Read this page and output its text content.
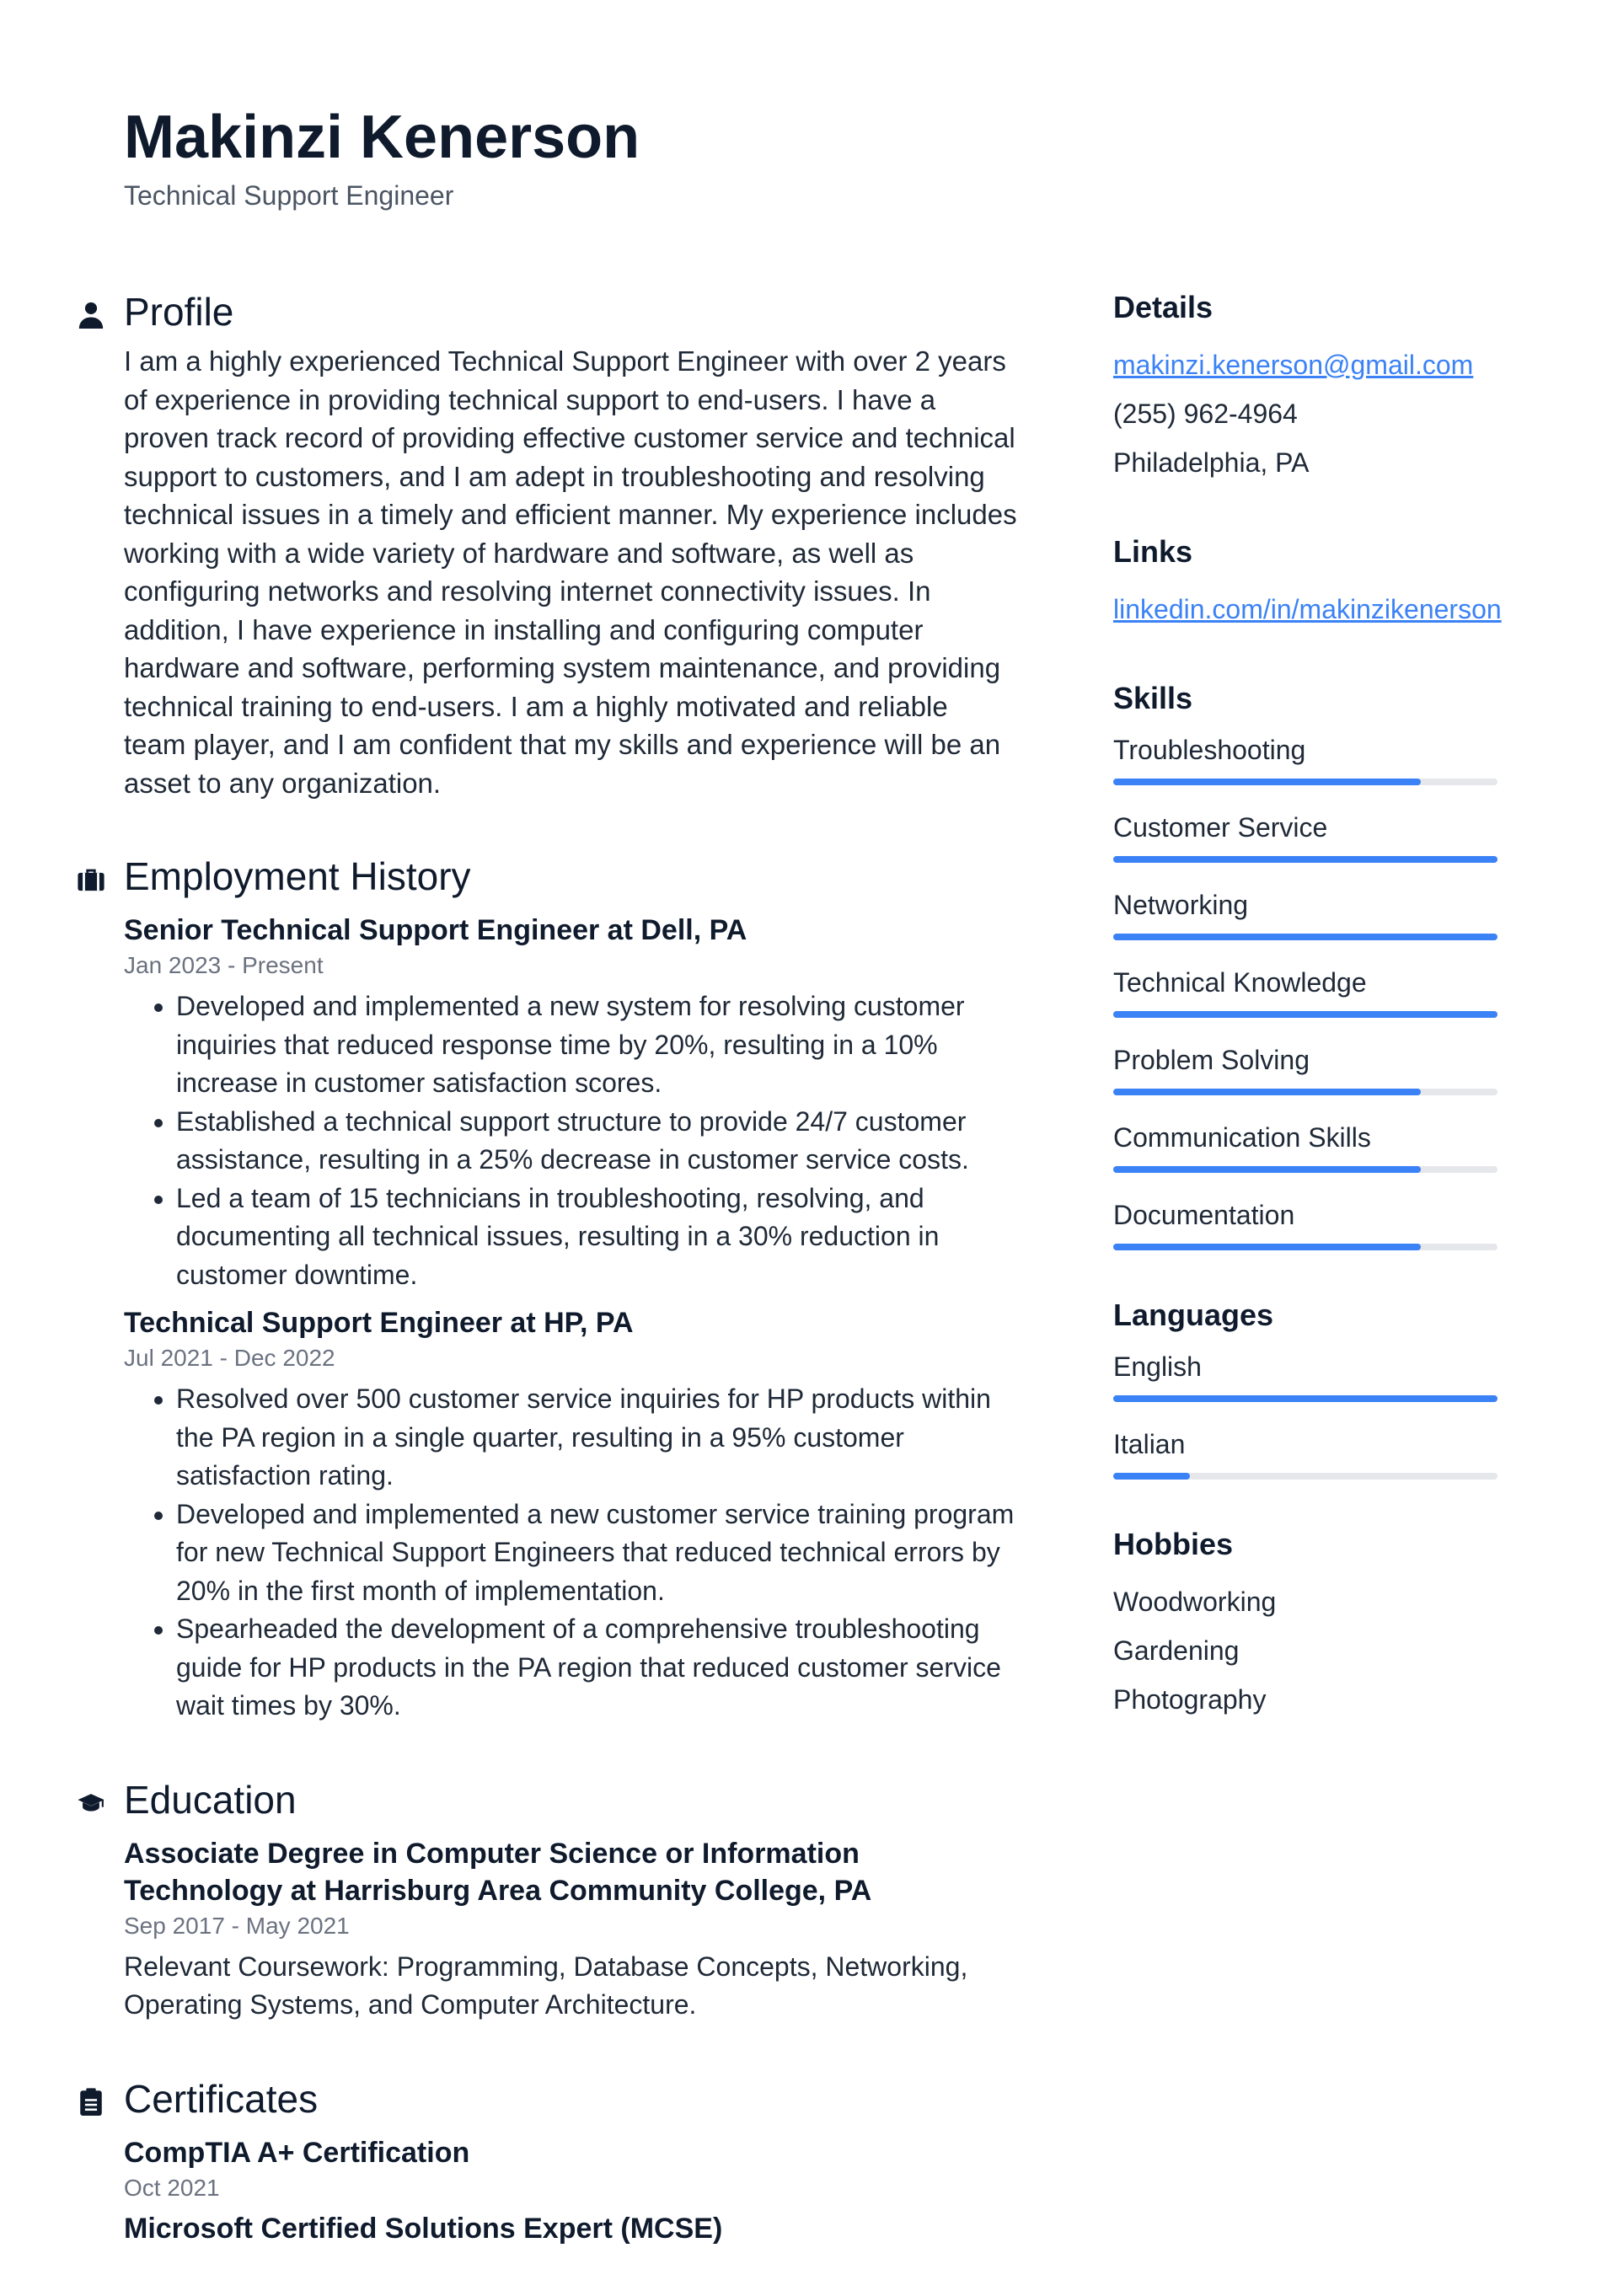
Makinzi Kenerson
Technical Support Engineer
Profile
I am a highly experienced Technical Support Engineer with over 2 years of experience in providing technical support to end-users. I have a proven track record of providing effective customer service and technical support to customers, and I am adept in troubleshooting and resolving technical issues in a timely and efficient manner. My experience includes working with a wide variety of hardware and software, as well as configuring networks and resolving internet connectivity issues. In addition, I have experience in installing and configuring computer hardware and software, performing system maintenance, and providing technical training to end-users. I am a highly motivated and reliable team player, and I am confident that my skills and experience will be an asset to any organization.
Employment History
Senior Technical Support Engineer at Dell, PA
Jan 2023 - Present
• Developed and implemented a new system for resolving customer inquiries that reduced response time by 20%, resulting in a 10% increase in customer satisfaction scores.
• Established a technical support structure to provide 24/7 customer assistance, resulting in a 25% decrease in customer service costs.
• Led a team of 15 technicians in troubleshooting, resolving, and documenting all technical issues, resulting in a 30% reduction in customer downtime.
Technical Support Engineer at HP, PA
Jul 2021 - Dec 2022
• Resolved over 500 customer service inquiries for HP products within the PA region in a single quarter, resulting in a 95% customer satisfaction rating.
• Developed and implemented a new customer service training program for new Technical Support Engineers that reduced technical errors by 20% in the first month of implementation.
• Spearheaded the development of a comprehensive troubleshooting guide for HP products in the PA region that reduced customer service wait times by 30%.
Education
Associate Degree in Computer Science or Information Technology at Harrisburg Area Community College, PA
Sep 2017 - May 2021
Relevant Coursework: Programming, Database Concepts, Networking, Operating Systems, and Computer Architecture.
Certificates
CompTIA A+ Certification
Oct 2021
Microsoft Certified Solutions Expert (MCSE)
Details
makinzi.kenerson@gmail.com
(255) 962-4964
Philadelphia, PA
Links
linkedin.com/in/makinzikenerson
Skills
Troubleshooting
Customer Service
Networking
Technical Knowledge
Problem Solving
Communication Skills
Documentation
Languages
English
Italian
Hobbies
Woodworking
Gardening
Photography
